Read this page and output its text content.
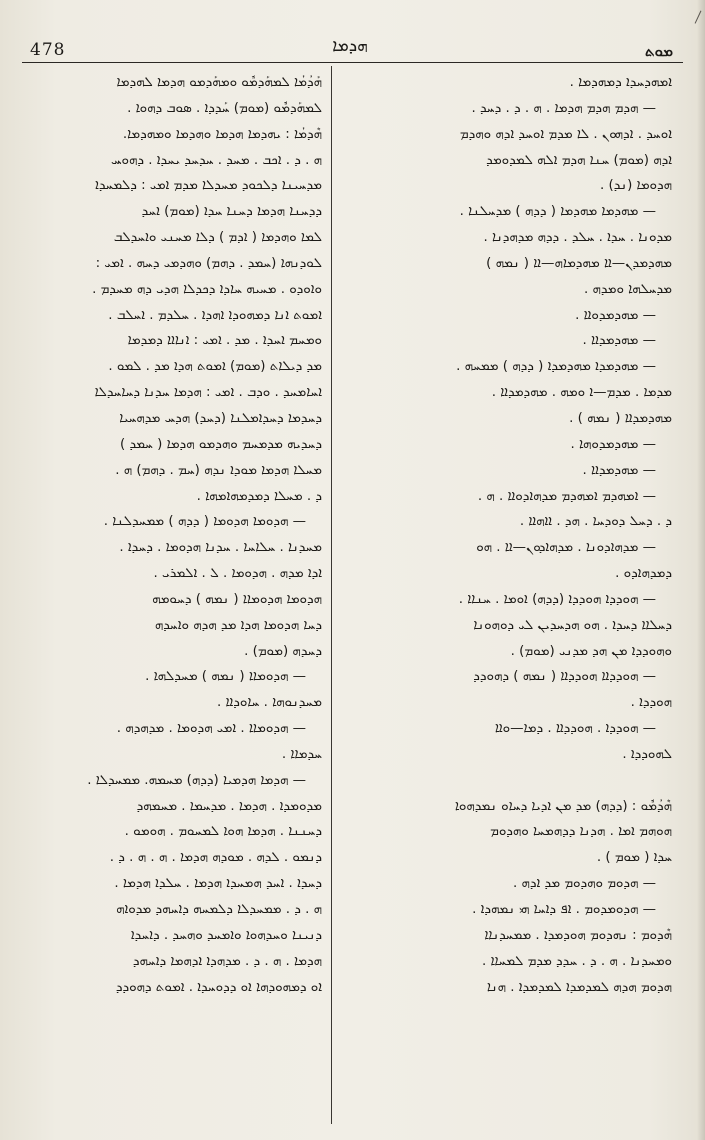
478	ܗܕܡܐ	ܡܘܬ
ܐܡܗܕܚܕܐ ܕܡܗܕܡܐ .
— ܗܕܡ ܗܕܡ ܗܕܡܐ . ܗ . ܕ . ܕܚܕ .
ܐܘܚܕ . ܐܕܗܘܢ . ܠܐ ܡܕܡ ܐܘܚܕ ܐܕܗ ܘܗܕܡ
ܐܕܗ (ܡܘܡ) ܚܢܐ ܗܕܡ ܐܠܗ ܠܡܕܘܡܕ
ܗܕܘܡܐ (ܢܕ) .
— ܡܗܕܡܐ ܡܗܕܡܐ ( ܕܕܗ ) ܡܕܚܠܢܐ .
ܡܕܘܢܐ . ܚܕܐ . ܚܠܕ . ܕܕܗ ܡܕܗܕܢܐ .
ܡܗܕܡܕܢ—ܐܐ ܡܗܕܡܐܗ—ܐܐ ( ܢܡܗ )
ܡܕܚܠܗܐ ܘܡܕܗ .
— ܡܗܕܡܕܘܐܐ .
— ܡܗܕܡܕܐܐ .
— ܡܗܕܡܕܐ ܡܗܕܡܕܐ ( ܕܕܗ ) ܡܡܚܗ .
ܡܕܡܐ . ܡܕܡ—ܐ ܘܡܗ . ܡܗܕܡܕܐܐ .
ܡܗܕܡܕܐܐ ( ܢܡܗ ) .
— ܡܗܕܡܕܘܗܐ .
— ܡܗܕܡܕܐܐ .
— ܐܡܗܕܡ ܐܡܗܕܡ ܡܕܗܐܕܘܐܐ . ܗ .
ܕ . ܕܚܠ ܕܘܕܚܐ . ܗܕ . ܐܐܗܐܐ .
— ܡܕܗܐܕܘܢܐ . ܡܕܗܐܕܘܢ—ܐܐ . ܗܘ
ܕܡܕܗܐܕܘ .
— ܗܘܕܕܐ ܗܘܕܕܐ (ܕܕܗ) ܐܘܡܐ . ܚܢܐܐ .
ܕܚܠܐܐ ܕܚܕܐ . ܗܘ ܗܕܚܕܝܢ ܠܝ ܕܘܗܘܢܐ
ܘܗܘܕܕܐ ܡܢ ܗܕ ܡܕܢܝ (ܡܘܡ) .
— ܗܘܕܕܐܐ ܗܘܕܕܐܐ ( ܢܡܗ ) ܕܗܘܕܕ
ܗܘܕܕܐ .
— ܗܘܕܕܐ . ܗܘܕܕܐܐ . ܕܡܐ—ܘܐܐ
ܠܗܘܕܕܐ .
ܗܶܕܳܡܽܘ : (ܕܕܗ) ܡܕ ܡܢ ܐܕܝܐ ܕܚܐܘ ܢܡܕܗܘܐ
ܗܘܗܡ ܐܡܐ . ܗܕܢܐ ܕܕܗܡܚܐ ܘܗܕܘܡ
ܚܕܐ ( ܡܘܡ ) .
— ܗܕܘܡ ܘܗܕܘܡ ܡܕ ܐܕܗ .
— ܗܕܘܡܕܘܡ . ܐܦ ܕܐܚܐ ܗܝ ܢܡܗܕܐ .
ܗܶܕܘܡ : ܢܗܕܘܡ ܗܘܕܡܕܐ . ܡܡܚܕܢܐܐ
ܘܡܚܕܢܐ . ܗ . ܕ . ܚܕܕ ܡܕܡ ܠܡܚܐܐ .
ܗܕܘܡ ܗܕܗ ܠܡܕܡܕܐ ܠܡܕܡܕܐ . ܗܢܐ
ܗܰܕܳܡܳܐ ܠܡܗܰܕܡܽܘ ܘܡܗܰܕܡܘ ܗܕܡܐ ܠܗܕܡܐ
ܠܡܗܰܕܡܽܘ (ܡܘܡ) ܚܰܕܕܐ . ܣܘܒ ܕܗܘܐ .
ܗܶܕܡܳܐ : ܝܗܕܡܐ ܗܕܡܐ ܘܗܕܡܐ ܘܡܗܕܡܐ.
ܗ . ܕ . ܐܟܒ . ܡܚܕ . ܚܕܚܕ ܝܚܕܐ . ܕܗܘܚ
ܡܕܚܝܢܐ ܕܠܟܘܕ ܡܚܕܠܐ ܡܕܡ ܐܡܝ : ܕܠܡܚܕܐ
ܕܕܚܢܐ ܗܕܡܐ ܕܚܢܐ ܚܕܐ (ܡܘܡ) ܐܚܕ
ܠܡܐ ܘܗܕܡܐ ( ܐܕܡ ) ܕܠܐ ܡܚܢܝ ܘܐܚܕܠܒ
ܠܘܕܢܗܐ (ܚܡܕ . ܕܗܡ) ܘܗܕܡܝ ܕܚܗ . ܐܡܝ :
ܘܐܘܕܘ . ܡܚܝܗ ܚܐܕܐ ܕܟܕܠܐ ܗܕܝ ܕܗ ܡܚܕܡ .
ܐܡܘܬ ܐܢܐ ܕܡܗܘܕܐ ܐܗܕܐ . ܚܠܕܡ . ܐܚܠܒ .
ܘܡܚܡ ܐܚܕܐ . ܡܕ . ܐܡܝ : ܐܢܐܐܐ ܕܡܕܡܐ
ܡܕ ܕܝܠܐܬ (ܡܘܡ) ܐܡܘܬ ܗܕܐ ܡܕ . ܠܡܘ .
ܐܚܐܡܚܕ . ܘܕܒ . ܐܡܝ : ܗܕܡܐ ܚܕܢܐ ܕܚܐܚܕܠܐ
ܕܚܕܡܐ ܕܚܕܐܡܠܢܐ (ܕܚܕ) ܗܕܚ ܡܕܗܚܝܐ
ܕܚܕܝܗ ܡܕܡܚܡ ܘܗܕܡܘ ܗܕܡܐ ( ܚܡܕ )
ܡܚܠܐ ܗܕܡܐ ܡܘܕܐ ܢܕܗ (ܚܡ . ܕܗܡ) ܗ .
ܕ . ܡܚܠܐ ܕܡܕܡܗܐܡܗܐ .
— ܗܕܘܡܐ ܗܕܘܡܐ ( ܕܕܗ ) ܡܡܚܕܠܢܐ .
ܡܚܕܢܐ . ܚܠܐܚܐ . ܚܕܢܐ ܗܕܘܡܐ . ܕܚܕܐ .
ܐܕܐ ܡܕܗ . ܗܕܘܡܐ . ܠ . ܐܠܡܪܝ .
ܗܕܘܡܐ ܗܕܘܡܐܐ ( ܢܡܗ ) ܕܚܘܡܗ
ܕܚܐ ܗܕܘܡܐ ܗܕܐ ܡܕ ܗܕܗ ܘܐܚܕܗ
ܕܚܕܗ (ܡܘܡ) .
— ܗܕܘܡܐܐ ( ܢܡܗ ) ܡܚܕܠܗܐ .
ܡܚܕܢܘܗܐ . ܚܐܘܕܐܐ .
— ܗܕܘܡܐܐ . ܐܡܝ ܗܕܘܡܐ . ܡܕܗܕܗ .
ܚܕܡܐܐ .
— ܗܕܡܐ ܗܕܡܝܐ (ܕܕܗ) ܡܚܡܗ. ܡܡܚܕܠܐ .
ܡܕܘܡܕܐ . ܗܕܡܐ . ܡܕܚܡܐ . ܡܚܡܗܕ
ܕܚܢܢܐ . ܗܕܡܐ ܗܘܐ ܠܡܚܘܡ . ܗܘܡܘ .
ܕܢܡܘ . ܠܕܗ . ܡܘܕܗ ܗܕܡܐ . ܗ . ܗ . ܕ .
ܕܚܕܐ . ܐܚܕ ܗܡܚܕܐ ܗܕܡܐ . ܚܠܕܐ ܗܕܡܐ .
ܗ . ܕ . ܡܡܚܕܠܐ ܕܠܡܚܗ ܕܐܚܗܕ ܡܕܘܐܗ
ܕܢܝܢܐ ܘܚܕܗܘܐ ܘܐܡܚܕ ܘܗܚܕ . ܕܐܚܕܐ
ܗܕܡܐ . ܗ . ܕ . ܡܕܗܕܐ ܐܕܗܡܐ ܕܐܚܗܕ
ܐܘ ܕܡܗܘܕܗܐ ܐܘ ܕܕܘܚܕܐ . ܐܡܘܬ ܕܗܘܕܕ
